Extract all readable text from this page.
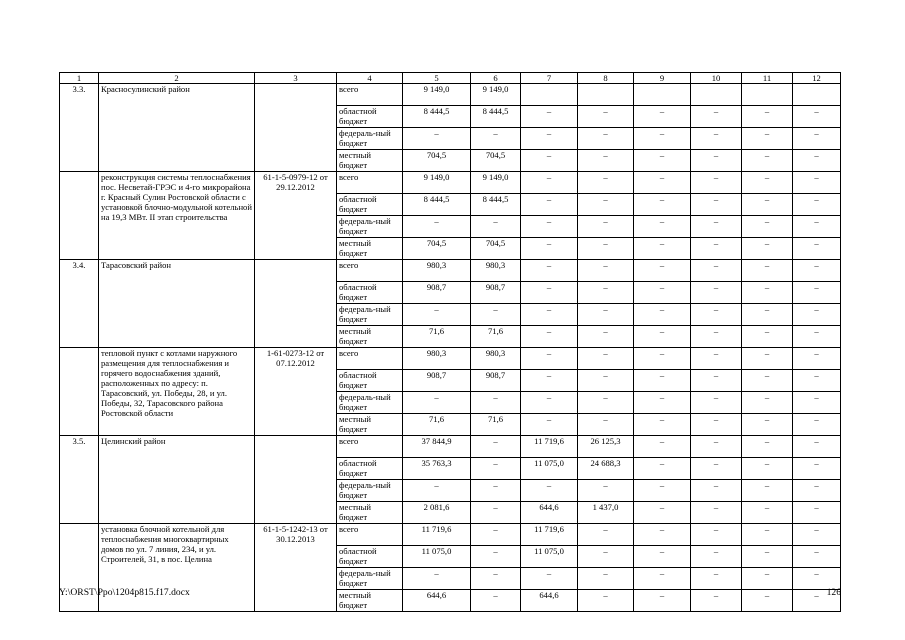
1	2	3	4	5	6	7	8	9	10	11	12
3.3.	Красносулинский район		всего	9 149,0	9 149,0						
			областной бюджет	8 444,5	8 444,5	–	–	–	–	–	–
			федераль-ный бюджет	–	–	–	–	–	–	–	–
			местный бюджет	704,5	704,5	–	–	–	–	–	–
	реконструкция системы теплоснабжения пос. Несветай-ГРЭС и 4-го микрорайона г. Красный Сулин Ростовской области с установкой блочно-модульной котельной на 19,3 МВт. II этап строительства	61-1-5-0979-12 от 29.12.2012	всего	9 149,0	9 149,0	–	–	–	–	–	–
			областной бюджет	8 444,5	8 444,5	–	–	–	–	–	–
			федераль-ный бюджет	–	–	–	–	–	–	–	–
			местный бюджет	704,5	704,5	–	–	–	–	–	–
3.4.	Тарасовский район		всего	980,3	980,3	–	–	–	–	–	–
			областной бюджет	908,7	908,7	–	–	–	–	–	–
			федераль-ный бюджет	–	–	–	–	–	–	–	–
			местный бюджет	71,6	71,6	–	–	–	–	–	–
	тепловой пункт с котлами наружного размещения для теплоснабжения и горячего водоснабжения зданий, расположенных по адресу: п. Тарасовский, ул. Победы, 28, и ул. Победы, 32, Тарасовского района Ростовской области	1-61-0273-12 от 07.12.2012	всего	980,3	980,3	–	–	–	–	–	–
			областной бюджет	908,7	908,7	–	–	–	–	–	–
			федераль-ный бюджет	–	–	–	–	–	–	–	–
			местный бюджет	71,6	71,6	–	–	–	–	–	–
3.5.	Целинский район		всего	37 844,9	–	11 719,6	26 125,3	–	–	–	–
			областной бюджет	35 763,3	–	11 075,0	24 688,3	–	–	–	–
			федераль-ный бюджет	–	–	–	–	–	–	–	–
			местный бюджет	2 081,6	–	644,6	1 437,0	–	–	–	–
	установка блочной котельной для теплоснабжения многоквартирных домов по ул. 7 линия, 234, и ул. Строителей, 31, в пос. Целина	61-1-5-1242-13 от 30.12.2013	всего	11 719,6	–	11 719,6	–	–	–	–	–
			областной бюджет	11 075,0	–	11 075,0	–	–	–	–	–
			федераль-ный бюджет	–	–	–	–	–	–	–	–
			местный бюджет	644,6	–	644,6	–	–	–	–	–
Y:\ORST\Ppo\1204p815.f17.docx	126
